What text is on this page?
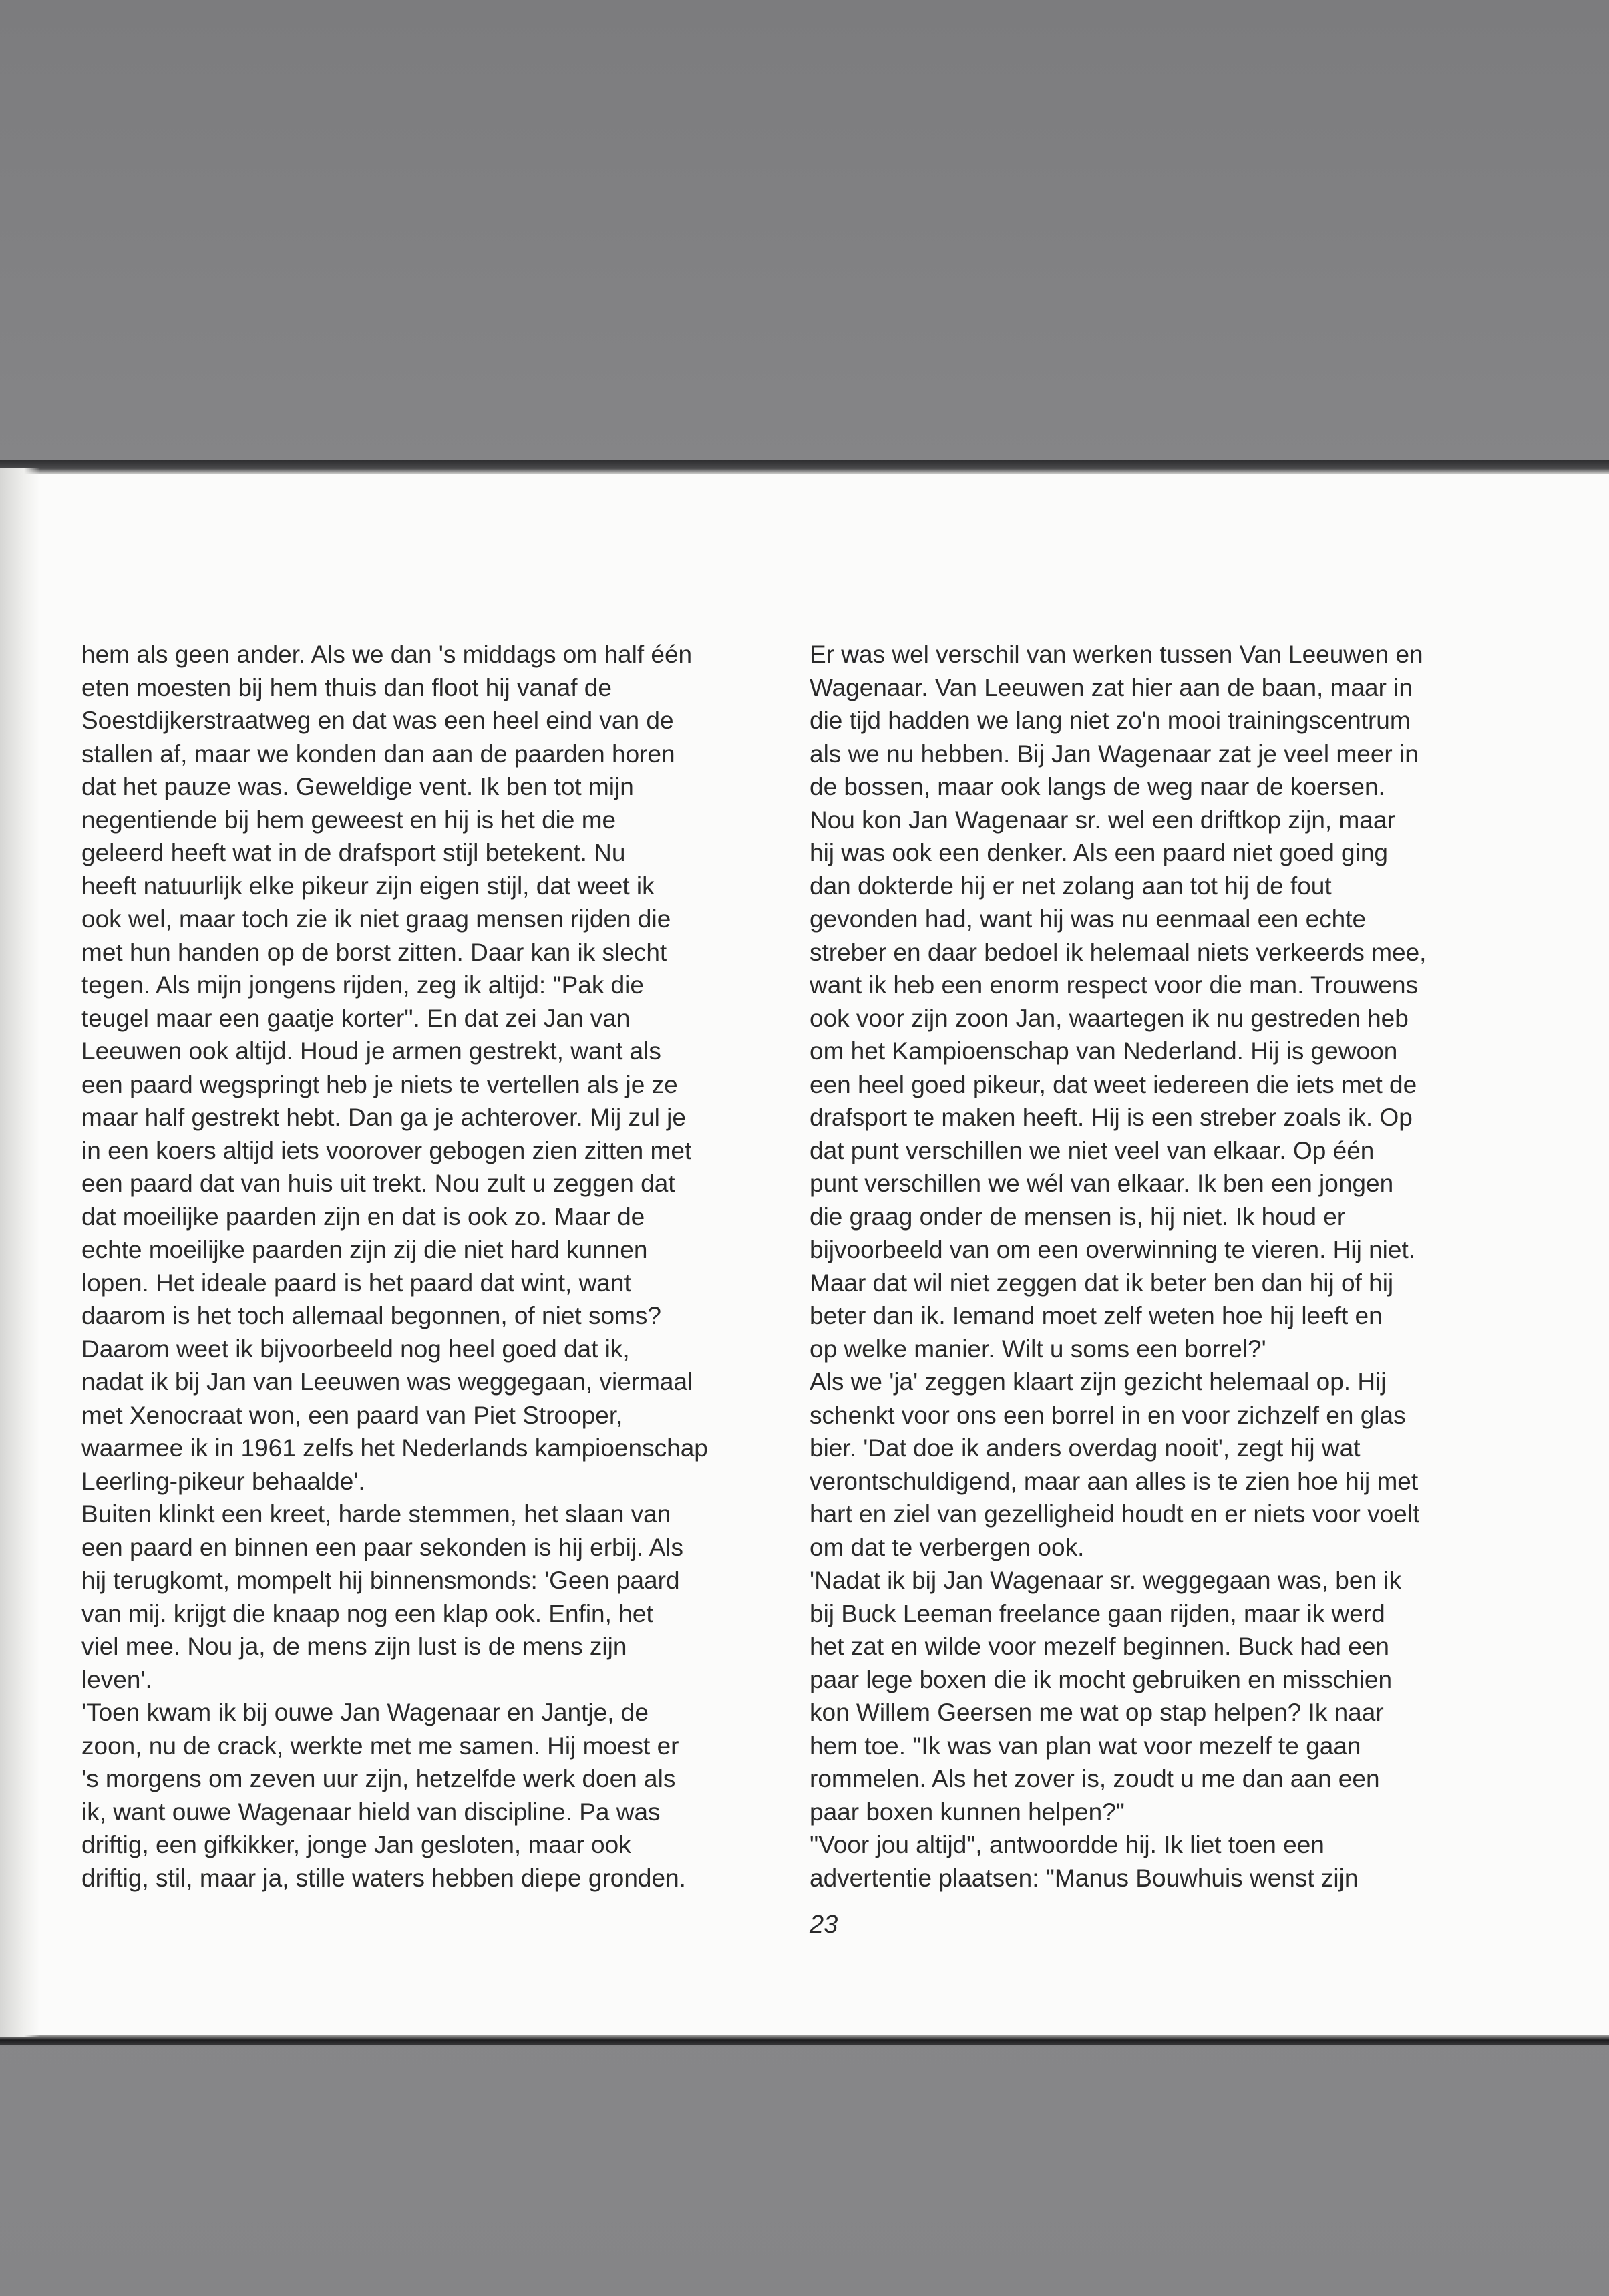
hem als geen ander. Als we dan 's middags om half één
eten moesten bij hem thuis dan floot hij vanaf de
Soestdijkerstraatweg en dat was een heel eind van de
stallen af, maar we konden dan aan de paarden horen
dat het pauze was. Geweldige vent. Ik ben tot mijn
negentiende bij hem geweest en hij is het die me
geleerd heeft wat in de drafsport stijl betekent. Nu
heeft natuurlijk elke pikeur zijn eigen stijl, dat weet ik
ook wel, maar toch zie ik niet graag mensen rijden die
met hun handen op de borst zitten. Daar kan ik slecht
tegen. Als mijn jongens rijden, zeg ik altijd: "Pak die
teugel maar een gaatje korter". En dat zei Jan van
Leeuwen ook altijd. Houd je armen gestrekt, want als
een paard wegspringt heb je niets te vertellen als je ze
maar half gestrekt hebt. Dan ga je achterover. Mij zul je
in een koers altijd iets voorover gebogen zien zitten met
een paard dat van huis uit trekt. Nou zult u zeggen dat
dat moeilijke paarden zijn en dat is ook zo. Maar de
echte moeilijke paarden zijn zij die niet hard kunnen
lopen. Het ideale paard is het paard dat wint, want
daarom is het toch allemaal begonnen, of niet soms?
Daarom weet ik bijvoorbeeld nog heel goed dat ik,
nadat ik bij Jan van Leeuwen was weggegaan, viermaal
met Xenocraat won, een paard van Piet Strooper,
waarmee ik in 1961 zelfs het Nederlands kampioenschap
Leerling-pikeur behaalde'.
Buiten klinkt een kreet, harde stemmen, het slaan van
een paard en binnen een paar sekonden is hij erbij. Als
hij terugkomt, mompelt hij binnensmonds: 'Geen paard
van mij. krijgt die knaap nog een klap ook. Enfin, het
viel mee. Nou ja, de mens zijn lust is de mens zijn
leven'.
'Toen kwam ik bij ouwe Jan Wagenaar en Jantje, de
zoon, nu de crack, werkte met me samen. Hij moest er
's morgens om zeven uur zijn, hetzelfde werk doen als
ik, want ouwe Wagenaar hield van discipline. Pa was
driftig, een gifkikker, jonge Jan gesloten, maar ook
driftig, stil, maar ja, stille waters hebben diepe gronden.
Er was wel verschil van werken tussen Van Leeuwen en
Wagenaar. Van Leeuwen zat hier aan de baan, maar in
die tijd hadden we lang niet zo'n mooi trainingscentrum
als we nu hebben. Bij Jan Wagenaar zat je veel meer in
de bossen, maar ook langs de weg naar de koersen.
Nou kon Jan Wagenaar sr. wel een driftkop zijn, maar
hij was ook een denker. Als een paard niet goed ging
dan dokterde hij er net zolang aan tot hij de fout
gevonden had, want hij was nu eenmaal een echte
streber en daar bedoel ik helemaal niets verkeerds mee,
want ik heb een enorm respect voor die man. Trouwens
ook voor zijn zoon Jan, waartegen ik nu gestreden heb
om het Kampioenschap van Nederland. Hij is gewoon
een heel goed pikeur, dat weet iedereen die iets met de
drafsport te maken heeft. Hij is een streber zoals ik. Op
dat punt verschillen we niet veel van elkaar. Op één
punt verschillen we wél van elkaar. Ik ben een jongen
die graag onder de mensen is, hij niet. Ik houd er
bijvoorbeeld van om een overwinning te vieren. Hij niet.
Maar dat wil niet zeggen dat ik beter ben dan hij of hij
beter dan ik. Iemand moet zelf weten hoe hij leeft en
op welke manier. Wilt u soms een borrel?'
Als we 'ja' zeggen klaart zijn gezicht helemaal op. Hij
schenkt voor ons een borrel in en voor zichzelf en glas
bier. 'Dat doe ik anders overdag nooit', zegt hij wat
verontschuldigend, maar aan alles is te zien hoe hij met
hart en ziel van gezelligheid houdt en er niets voor voelt
om dat te verbergen ook.
'Nadat ik bij Jan Wagenaar sr. weggegaan was, ben ik
bij Buck Leeman freelance gaan rijden, maar ik werd
het zat en wilde voor mezelf beginnen. Buck had een
paar lege boxen die ik mocht gebruiken en misschien
kon Willem Geersen me wat op stap helpen? Ik naar
hem toe. "Ik was van plan wat voor mezelf te gaan
rommelen. Als het zover is, zoudt u me dan aan een
paar boxen kunnen helpen?"
"Voor jou altijd", antwoordde hij. Ik liet toen een
advertentie plaatsen: "Manus Bouwhuis wenst zijn
23
